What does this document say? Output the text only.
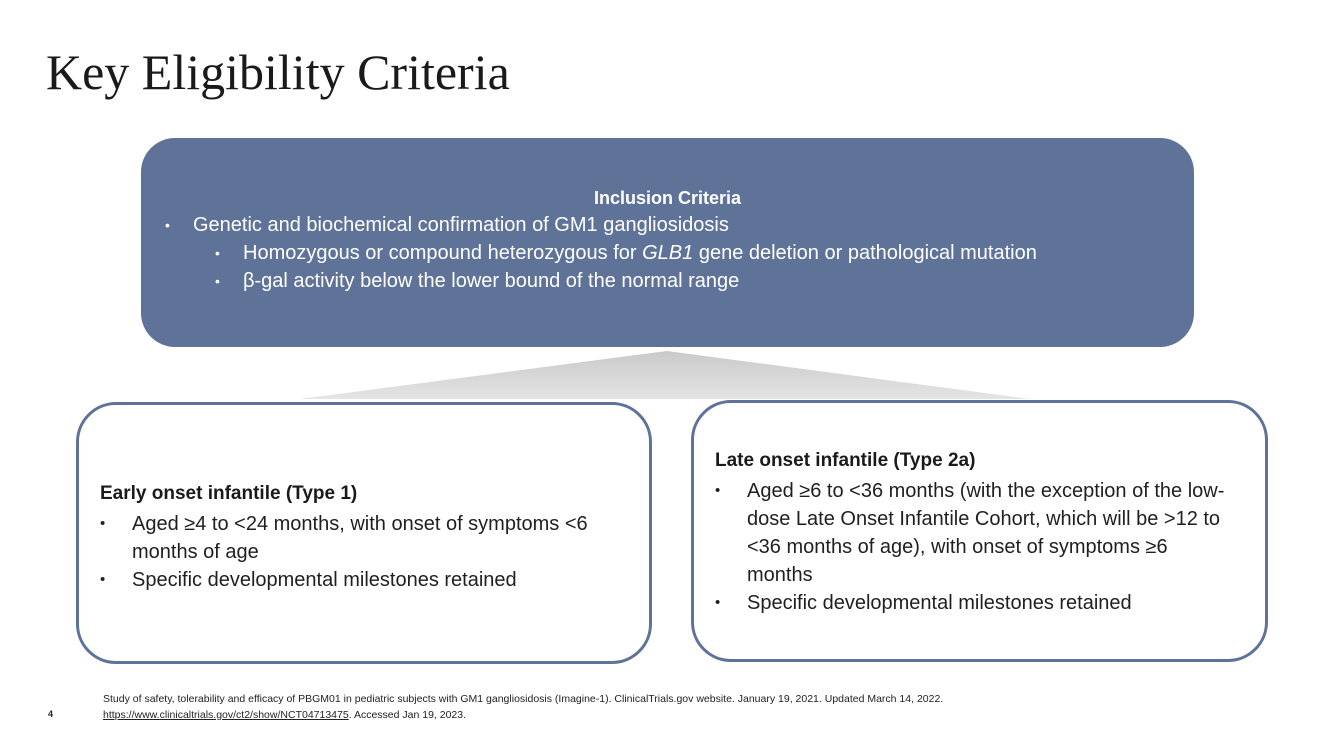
Key Eligibility Criteria
Inclusion Criteria
• Genetic and biochemical confirmation of GM1 gangliosidosis
• Homozygous or compound heterozygous for GLB1 gene deletion or pathological mutation
• β-gal activity below the lower bound of the normal range
Early onset infantile (Type 1)
• Aged ≥4 to <24 months, with onset of symptoms <6 months of age
• Specific developmental milestones retained
Late onset infantile (Type 2a)
• Aged ≥6 to <36 months (with the exception of the low-dose Late Onset Infantile Cohort, which will be >12 to <36 months of age), with onset of symptoms ≥6 months
• Specific developmental milestones retained
Study of safety, tolerability and efficacy of PBGM01 in pediatric subjects with GM1 gangliosidosis (Imagine-1). ClinicalTrials.gov website. January 19, 2021. Updated March 14, 2022.
https://www.clinicaltrials.gov/ct2/show/NCT04713475. Accessed Jan 19, 2023.
4
